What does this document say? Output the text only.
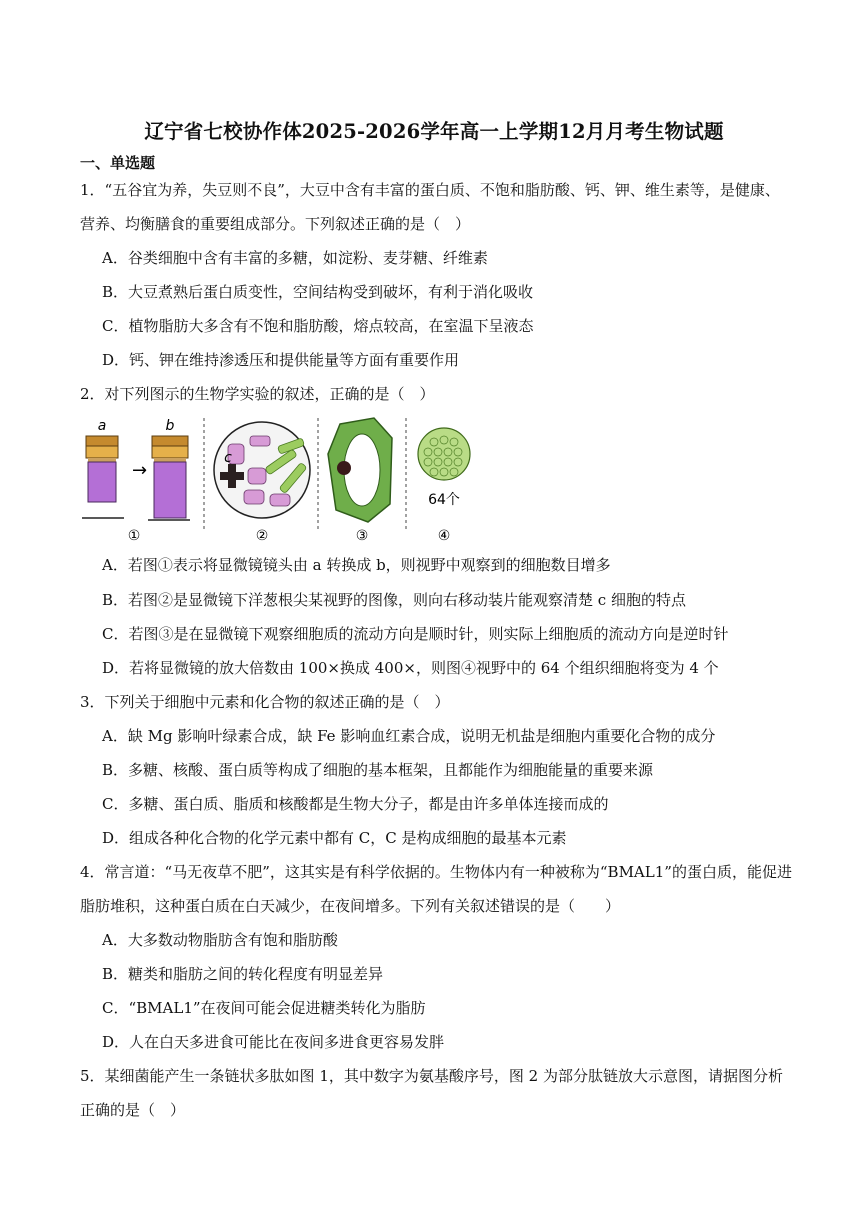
辽宁省七校协作体2025-2026学年高一上学期12月月考生物试题
一、单选题
1．“五谷宜为养，失豆则不良”，大豆中含有丰富的蛋白质、不饱和脂肪酸、钙、钾、维生素等，是健康、
营养、均衡膳食的重要组成部分。下列叙述正确的是（　）
A．谷类细胞中含有丰富的多糖，如淀粉、麦芽糖、纤维素
B．大豆煮熟后蛋白质变性，空间结构受到破坏，有利于消化吸收
C．植物脂肪大多含有不饱和脂肪酸，熔点较高，在室温下呈液态
D．钙、钾在维持渗透压和提供能量等方面有重要作用
2．对下列图示的生物学实验的叙述，正确的是（　）
a
→
b
①
c
②	③
64个
④
A．若图①表示将显微镜镜头由 a 转换成 b，则视野中观察到的细胞数目增多
B．若图②是显微镜下洋葱根尖某视野的图像，则向右移动装片能观察清楚 c 细胞的特点
C．若图③是在显微镜下观察细胞质的流动方向是顺时针，则实际上细胞质的流动方向是逆时针
D．若将显微镜的放大倍数由 100×换成 400×，则图④视野中的 64 个组织细胞将变为 4 个
3．下列关于细胞中元素和化合物的叙述正确的是（　）
A．缺 Mg 影响叶绿素合成，缺 Fe 影响血红素合成，说明无机盐是细胞内重要化合物的成分
B．多糖、核酸、蛋白质等构成了细胞的基本框架，且都能作为细胞能量的重要来源
C．多糖、蛋白质、脂质和核酸都是生物大分子，都是由许多单体连接而成的
D．组成各种化合物的化学元素中都有 C，C 是构成细胞的最基本元素
4．常言道：“马无夜草不肥”，这其实是有科学依据的。生物体内有一种被称为“BMAL1”的蛋白质，能促进
脂肪堆积，这种蛋白质在白天减少，在夜间增多。下列有关叙述错误的是（　　）
A．大多数动物脂肪含有饱和脂肪酸
B．糖类和脂肪之间的转化程度有明显差异
C．“BMAL1”在夜间可能会促进糖类转化为脂肪
D．人在白天多进食可能比在夜间多进食更容易发胖
5．某细菌能产生一条链状多肽如图 1，其中数字为氨基酸序号，图 2 为部分肽链放大示意图，请据图分析
正确的是（　）
